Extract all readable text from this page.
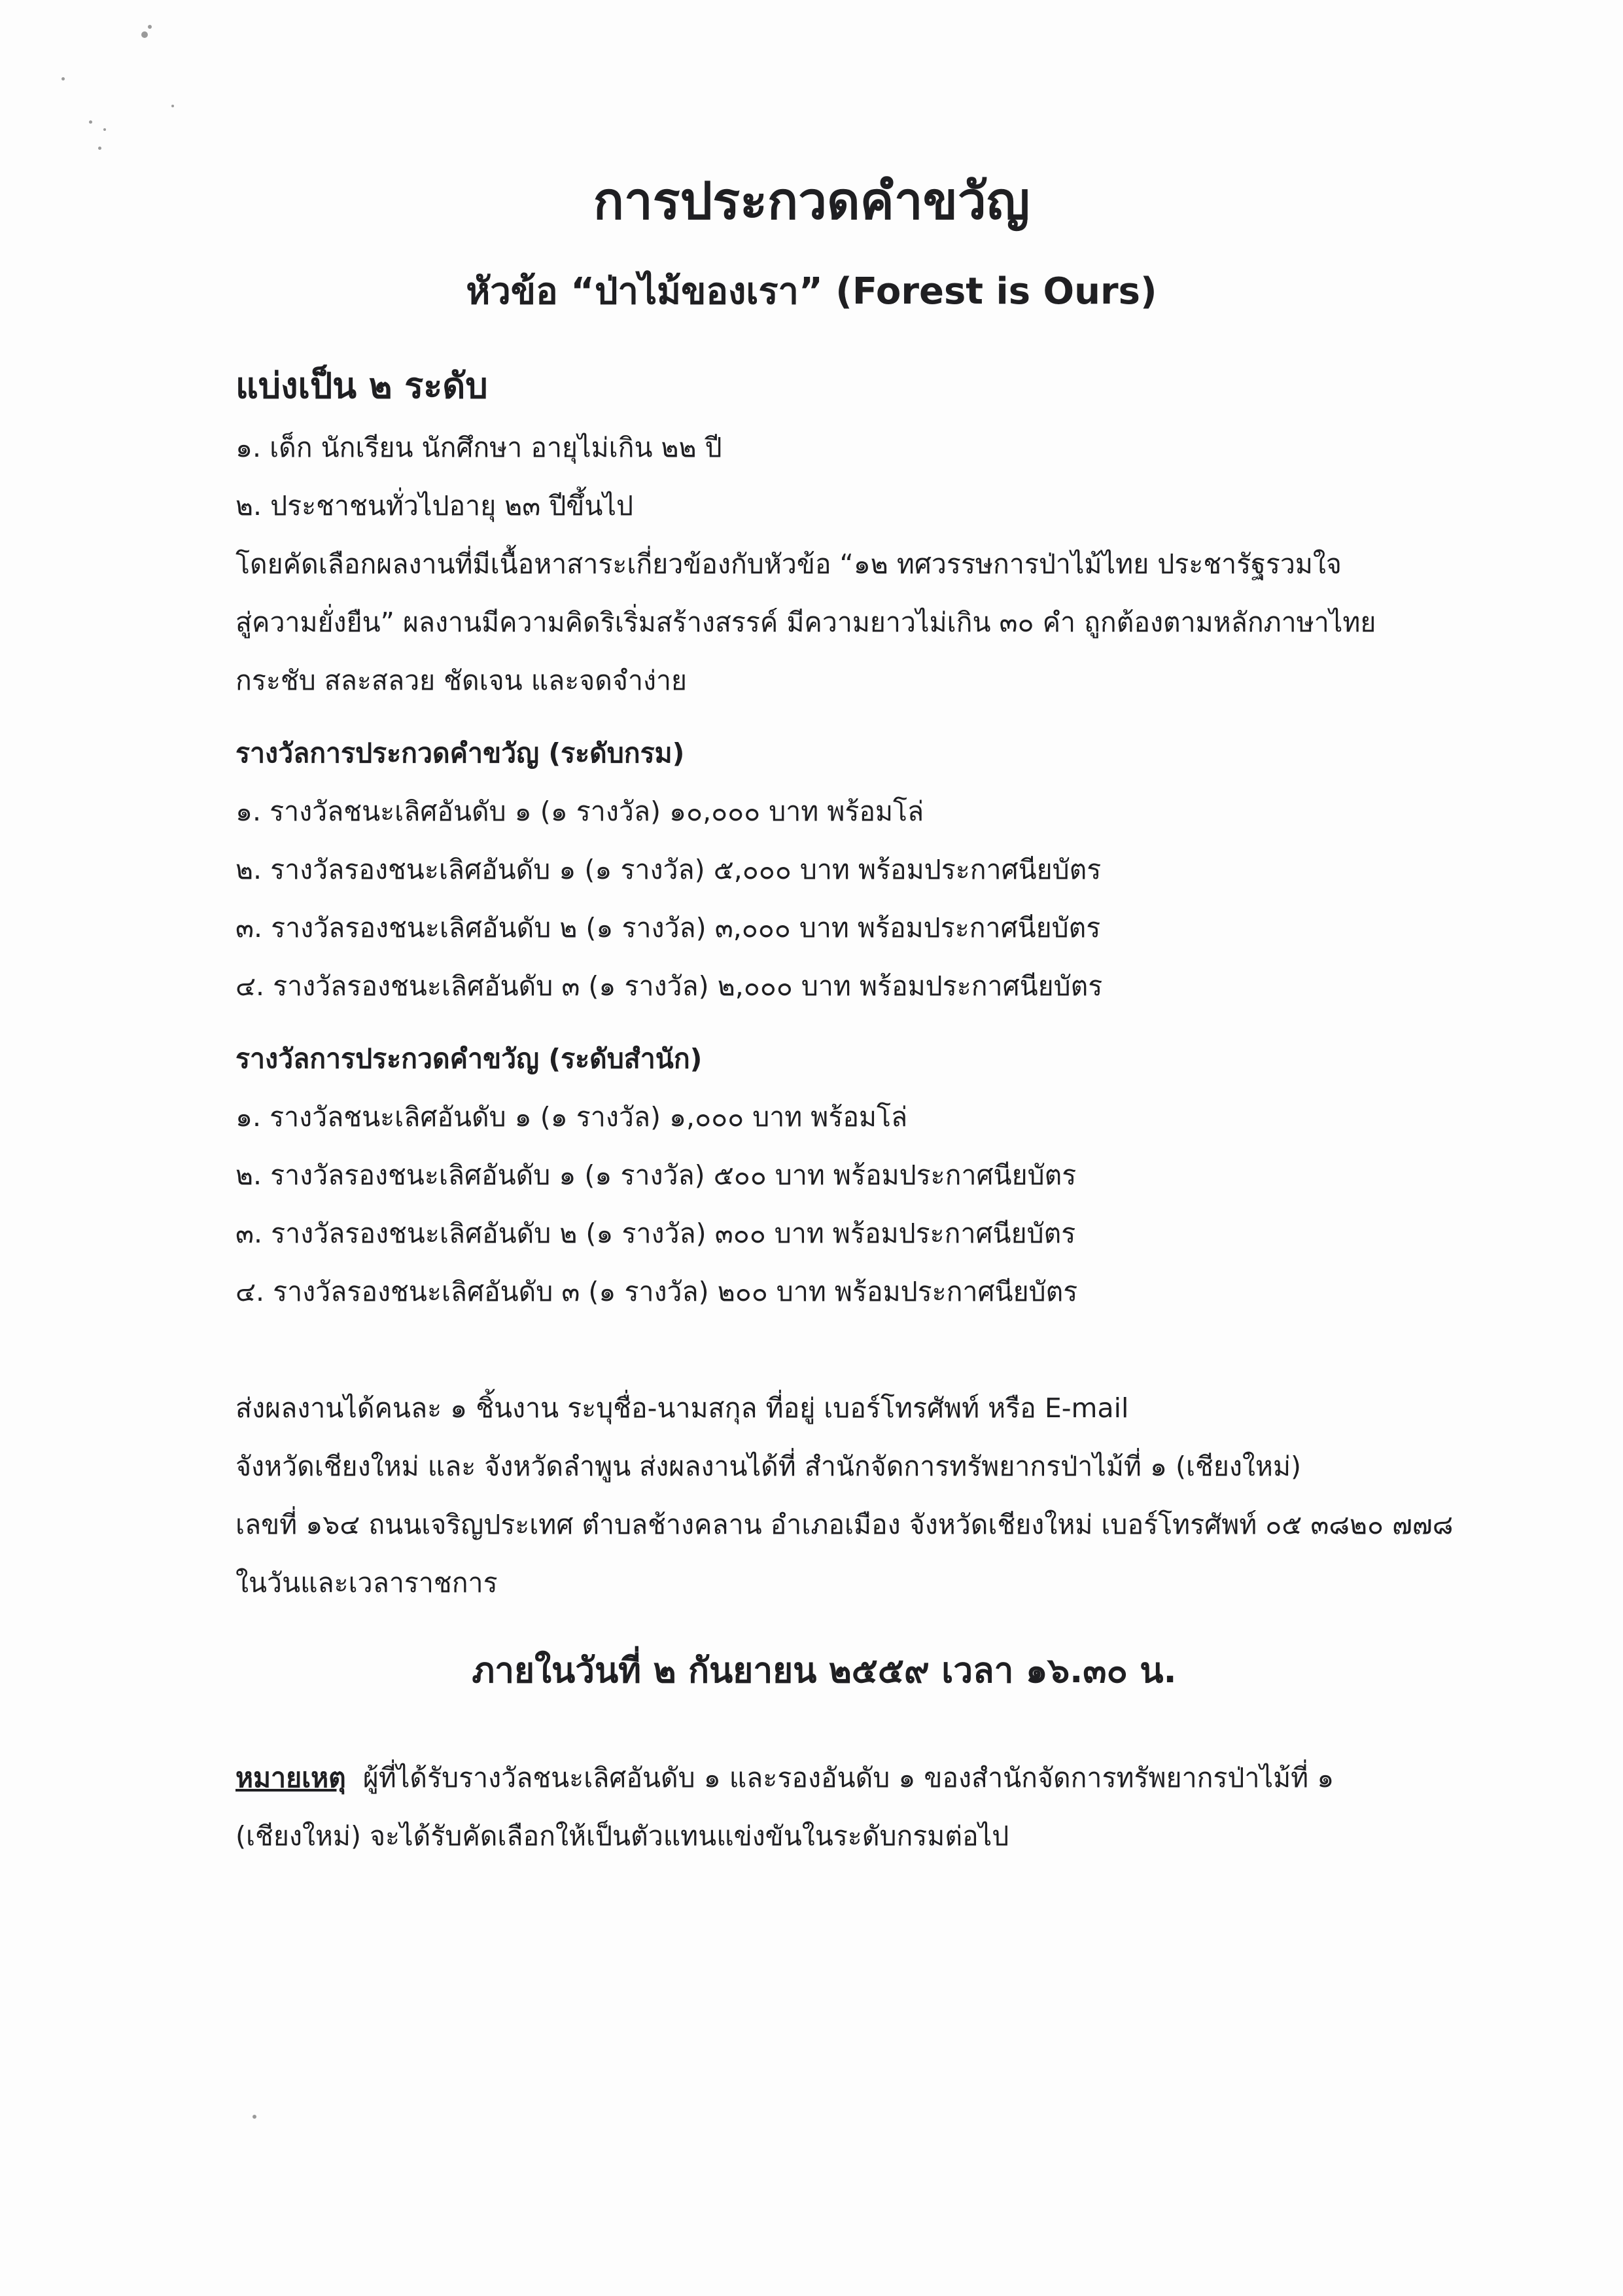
การประกวดคำขวัญ
หัวข้อ “ป่าไม้ของเรา” (Forest is Ours)

แบ่งเป็น ๒ ระดับ

๑. เด็ก นักเรียน นักศึกษา อายุไม่เกิน ๒๒ ปี

๒. ประชาชนทั่วไปอายุ ๒๓ ปีขึ้นไป

โดยคัดเลือกผลงานที่มีเนื้อหาสาระเกี่ยวข้องกับหัวข้อ “๑๒ ทศวรรษการป่าไม้ไทย ประชารัฐรวมใจ

สู่ความยั่งยืน” ผลงานมีความคิดริเริ่มสร้างสรรค์ มีความยาวไม่เกิน ๓๐ คำ ถูกต้องตามหลักภาษาไทย

กระชับ สละสลวย ชัดเจน และจดจำง่าย

รางวัลการประกวดคำขวัญ (ระดับกรม)

๑. รางวัลชนะเลิศอันดับ ๑ (๑ รางวัล) ๑๐,๐๐๐ บาท พร้อมโล่

๒. รางวัลรองชนะเลิศอันดับ ๑ (๑ รางวัล) ๕,๐๐๐ บาท พร้อมประกาศนียบัตร

๓. รางวัลรองชนะเลิศอันดับ ๒ (๑ รางวัล) ๓,๐๐๐ บาท พร้อมประกาศนียบัตร

๔. รางวัลรองชนะเลิศอันดับ ๓ (๑ รางวัล) ๒,๐๐๐ บาท พร้อมประกาศนียบัตร

รางวัลการประกวดคำขวัญ (ระดับสำนัก)

๑. รางวัลชนะเลิศอันดับ ๑ (๑ รางวัล) ๑,๐๐๐ บาท พร้อมโล่

๒. รางวัลรองชนะเลิศอันดับ ๑ (๑ รางวัล) ๕๐๐ บาท พร้อมประกาศนียบัตร

๓. รางวัลรองชนะเลิศอันดับ ๒ (๑ รางวัล) ๓๐๐ บาท พร้อมประกาศนียบัตร

๔. รางวัลรองชนะเลิศอันดับ ๓ (๑ รางวัล) ๒๐๐ บาท พร้อมประกาศนียบัตร

ส่งผลงานได้คนละ ๑ ชิ้นงาน ระบุชื่อ-นามสกุล ที่อยู่ เบอร์โทรศัพท์ หรือ E-mail

จังหวัดเชียงใหม่ และ จังหวัดลำพูน ส่งผลงานได้ที่ สำนักจัดการทรัพยากรป่าไม้ที่ ๑ (เชียงใหม่)

เลขที่ ๑๖๔ ถนนเจริญประเทศ ตำบลช้างคลาน อำเภอเมือง จังหวัดเชียงใหม่ เบอร์โทรศัพท์ ๐๕ ๓๘๒๐ ๗๗๘

ในวันและเวลาราชการ

ภายในวันที่ ๒ กันยายน ๒๕๕๙ เวลา ๑๖.๓๐ น.

หมายเหตุ ผู้ที่ได้รับรางวัลชนะเลิศอันดับ ๑ และรองอันดับ ๑ ของสำนักจัดการทรัพยากรป่าไม้ที่ ๑

(เชียงใหม่) จะได้รับคัดเลือกให้เป็นตัวแทนแข่งขันในระดับกรมต่อไป
